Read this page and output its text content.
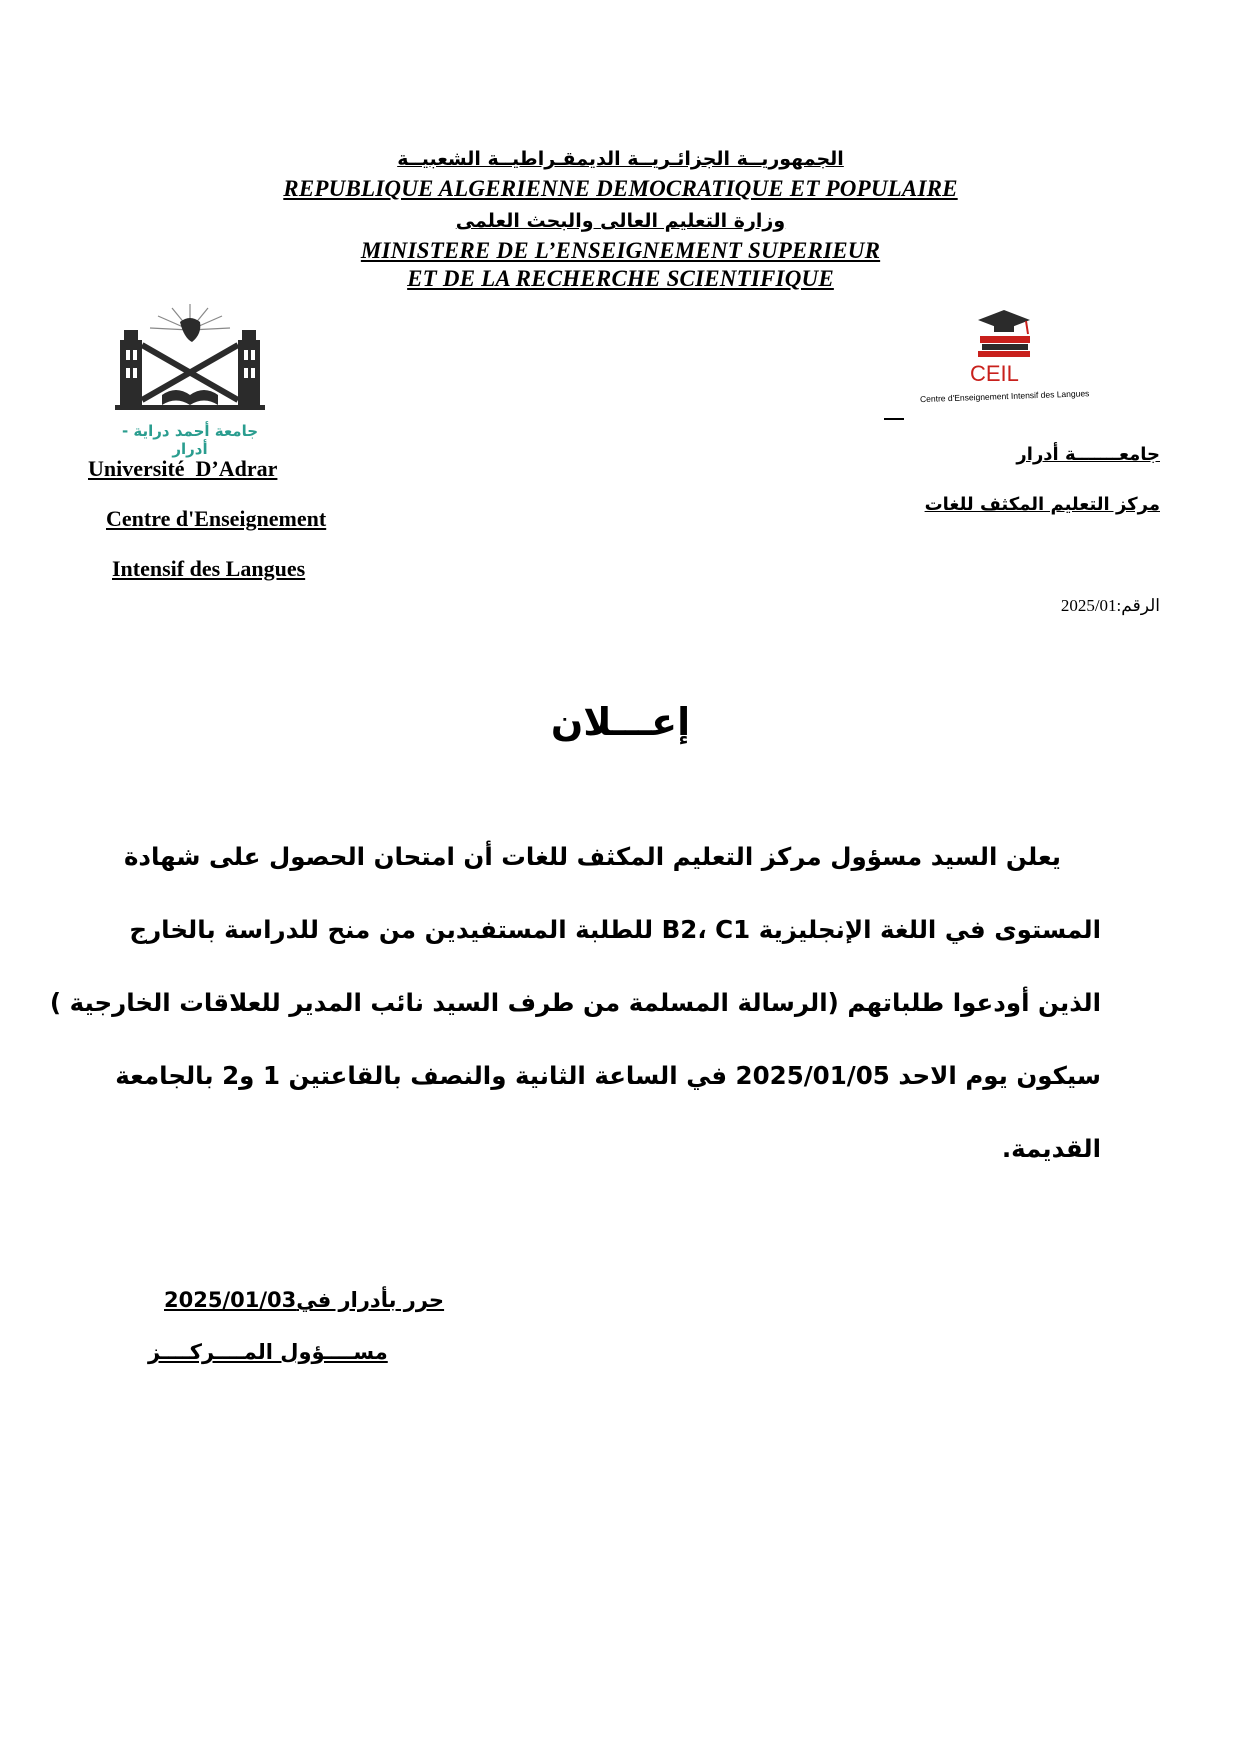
الجمهوريــة الجزائـريــة الديمقـراطيــة الشعبيــة
REPUBLIQUE ALGERIENNE DEMOCRATIQUE ET POPULAIRE
وزارة التعليم العالى والبحث العلمى
MINISTERE DE L’ENSEIGNEMENT SUPERIEUR
ET DE LA RECHERCHE SCIENTIFIQUE
جامعة أحمد دراية - أدرار
CEIL
Centre d'Enseignement Intensif des Langues
Université  D’Adrar
Centre d'Enseignement
Intensif des Langues
جامعـــــــة أدرار
مركز التعليم المكثف للغات
الرقم:2025/01
إعـــلان
يعلن السيد مسؤول مركز التعليم المكثف للغات أن امتحان الحصول على شهادة
المستوى في اللغة الإنجليزية B2، C1 للطلبة المستفيدين من منح للدراسة بالخارج
الذين أودعوا طلباتهم (الرسالة المسلمة من طرف السيد نائب المدير للعلاقات الخارجية )
سيكون يوم الاحد 2025/01/05 في الساعة الثانية والنصف بالقاعتين 1 و2 بالجامعة
القديمة.
حرر بأدرار في2025/01/03
مســــؤول المــــركــــز
